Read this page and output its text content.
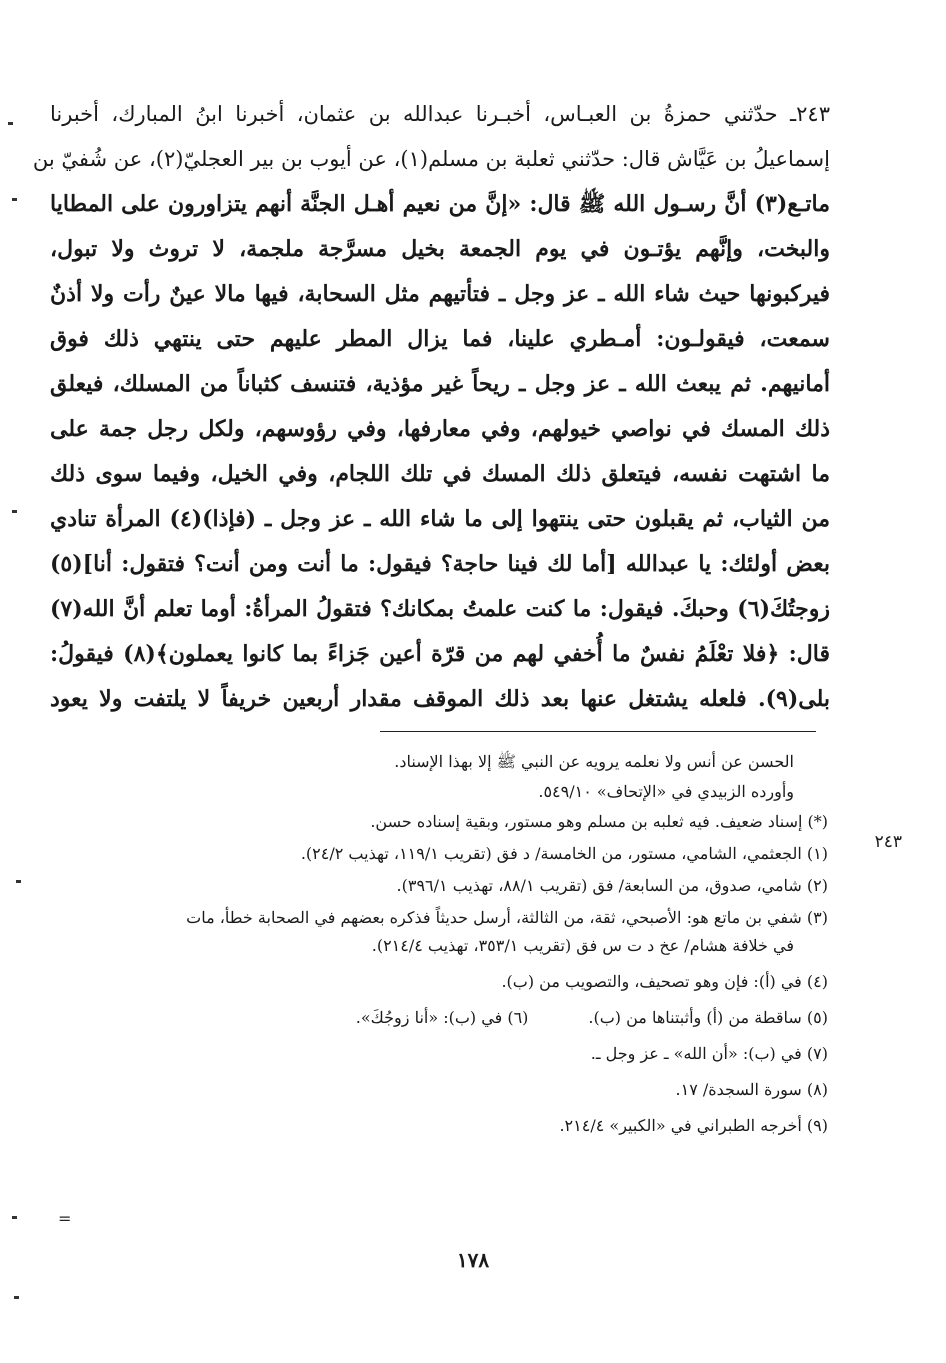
٢٤٣ـ حدّثني حمزةُ بن العبـاس، أخبـرنا عبدالله بن عثمان، أخبرنا ابنُ المبارك، أخبرنا
إسماعيلُ بن عَيَّاش قال: حدّثني ثعلبة بن مسلم(١)، عن أيوب بن بير العجليّ(٢)، عن شُفيّ بن
ماتـع(٣) أنَّ رسـول الله ﷺ قال: «إنَّ من نعيم أهـل الجنَّة أنهم يتزاورون على المطايا
والبخت، وإنَّهم يؤتـون في يوم الجمعة بخيل مسرَّجة ملجمة، لا تروث ولا تبول،
فيركبونها حيث شاء الله ـ عز وجل ـ فتأتيهم مثل السحابة، فيها مالا عينٌ رأت ولا أذنٌ
سمعت، فيقولـون: أمـطري علينا، فما يزال المطر عليهم حتى ينتهي ذلك فوق
أمانيهم. ثم يبعث الله ـ عز وجل ـ ريحاً غير مؤذية، فتنسف كثباناً من المسلك، فيعلق
ذلك المسك في نواصي خيولهم، وفي معارفها، وفي رؤوسهم، ولكل رجل جمة على
ما اشتهت نفسه، فيتعلق ذلك المسك في تلك اللجام، وفي الخيل، وفيما سوى ذلك
من الثياب، ثم يقبلون حتى ينتهوا إلى ما شاء الله ـ عز وجل ـ (فإذا)(٤) المرأة تنادي
بعض أولئك: يا عبدالله [أما لك فينا حاجة؟ فيقول: ما أنت ومن أنت؟ فتقول: أنا](٥)
زوجتُكَ(٦) وحبكَ. فيقول: ما كنت علمتُ بمكانك؟ فتقولُ المرأةُ: أوما تعلم أنَّ الله(٧)
قال: ﴿فلا تعْلَمُ نفسٌ ما أُخفي لهم من قرّة أعين جَزاءً بما كانوا يعملون﴾(٨) فيقولُ:
بلى(٩). فلعله يشتغل عنها بعد ذلك الموقف مقدار أربعين خريفاً لا يلتفت ولا يعود
٢٤٣

الحسن عن أنس ولا نعلمه يرويه عن النبي ﷺ إلا بهذا الإسناد.

وأورده الزبيدي في «الإتحاف» ٥٤٩/١٠.

(*) إسناد ضعيف. فيه ثعلبه بن مسلم وهو مستور، وبقية إسناده حسن.

(١) الجعثمي، الشامي، مستور، من الخامسة/ د فق (تقريب ١١٩/١، تهذيب ٢٤/٢).

(٢) شامي، صدوق، من السابعة/ فق (تقريب ٨٨/١، تهذيب ٣٩٦/١).

(٣) شفي بن ماتع هو: الأصبحي، ثقة، من الثالثة، أرسل حديثاً فذكره بعضهم في الصحابة خطأ، مات

في خلافة هشام/ عخ د ت س فق (تقريب ٣٥٣/١، تهذيب ٢١٤/٤).

(٤) في (أ): فإن وهو تصحيف، والتصويب من (ب).

(٥) ساقطة من (أ) وأثبتناها من (ب).

(٦) في (ب): «أنا زوجُكَ».

(٧) في (ب): «أن الله» ـ عز وجل ـ.

(٨) سورة السجدة/ ١٧.

(٩) أخرجه الطبراني في «الكبير» ٢١٤/٤.

=
١٧٨
